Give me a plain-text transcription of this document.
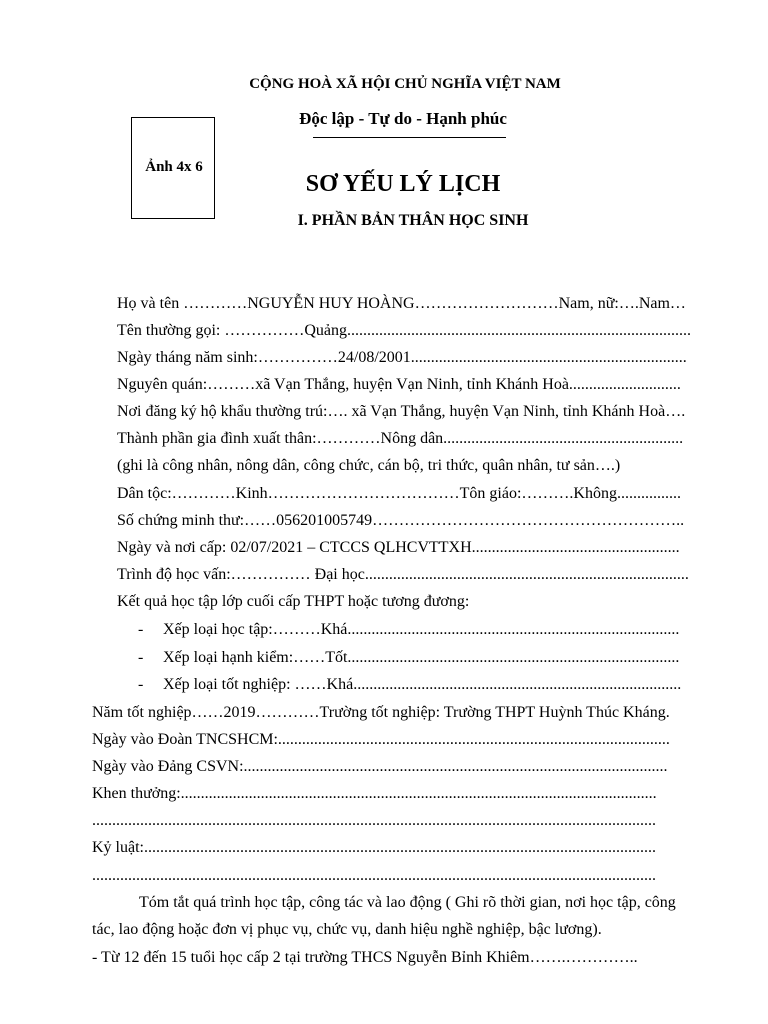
CỘNG HOÀ XÃ HỘI CHỦ NGHĨA VIỆT NAM
Độc lập - Tự do - Hạnh phúc
Ảnh 4x 6
SƠ YẾU LÝ LỊCH
I. PHẦN BẢN THÂN HỌC SINH
Họ và tên …………NGUYỄN HUY HOÀNG………………………Nam, nữ:….Nam…
Tên thường gọi: ……………Quảng......................................................................................
Ngày tháng năm sinh:……………24/08/2001.....................................................................
Nguyên quán:………xã Vạn Thắng, huyện Vạn Ninh, tỉnh Khánh Hoà............................
Nơi đăng ký hộ khẩu thường trú:…. xã Vạn Thắng, huyện Vạn Ninh, tỉnh Khánh Hoà….
Thành phần gia đình xuất thân:…………Nông dân............................................................
(ghi là công nhân, nông dân, công chức, cán bộ, tri thức, quân nhân, tư sản….)
Dân tộc:…………Kinh………………………………Tôn giáo:……….Không................
Số chứng minh thư:……056201005749…………………………………………………..
Ngày và nơi cấp: 02/07/2021 – CTCCS QLHCVTTXH....................................................
Trình độ học vấn:…………… Đại học.................................................................................
Kết quả học tập lớp cuối cấp THPT hoặc tương đương:
- Xếp loại học tập:………Khá...................................................................................
- Xếp loại hạnh kiểm:……Tốt...................................................................................
- Xếp loại tốt nghiệp: ……Khá..................................................................................
Năm tốt nghiệp……2019…………Trường tốt nghiệp: Trường THPT Huỳnh Thúc Kháng.
Ngày vào Đoàn TNCSHCM:..................................................................................................
Ngày vào Đảng CSVN:..........................................................................................................
Khen thưởng:.......................................................................................................................
.............................................................................................................................................
Kỷ luật:................................................................................................................................
.............................................................................................................................................
Tóm tắt quá trình học tập, công tác và lao động ( Ghi rõ thời gian, nơi học tập, công
tác, lao động hoặc đơn vị phục vụ, chức vụ, danh hiệu nghề nghiệp, bậc lương).
- Từ 12 đến 15 tuổi học cấp 2 tại trường THCS Nguyễn Bỉnh Khiêm…….…………..
